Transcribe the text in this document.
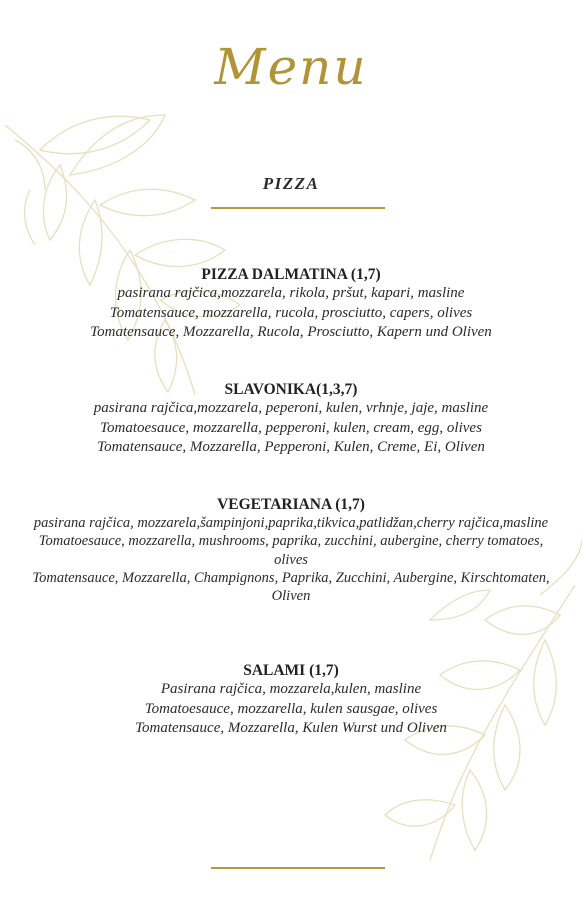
Menu
PIZZA
PIZZA DALMATINA (1,7)
pasirana rajčica,mozzarela, rikola, pršut, kapari, masline
Tomatensauce, mozzarella, rucola, prosciutto, capers, olives
Tomatensauce, Mozzarella, Rucola, Prosciutto, Kapern und Oliven
SLAVONIKA(1,3,7)
pasirana rajčica,mozzarela, peperoni, kulen, vrhnje, jaje, masline
Tomatoesauce, mozzarella, pepperoni, kulen, cream, egg, olives
Tomatensauce, Mozzarella, Pepperoni, Kulen, Creme, Ei, Oliven
VEGETARIANA (1,7)
pasirana rajčica, mozzarela,šampinjoni,paprika,tikvica,patlidžan,cherry rajčica,masline
Tomatoesauce, mozzarella, mushrooms, paprika, zucchini, aubergine, cherry tomatoes, olives
Tomatensauce, Mozzarella, Champignons, Paprika, Zucchini, Aubergine, Kirschtomaten, Oliven
SALAMI (1,7)
Pasirana rajčica, mozzarela,kulen, masline
Tomatoesauce, mozzarella, kulen sausgae, olives
Tomatensauce, Mozzarella, Kulen Wurst und Oliven
